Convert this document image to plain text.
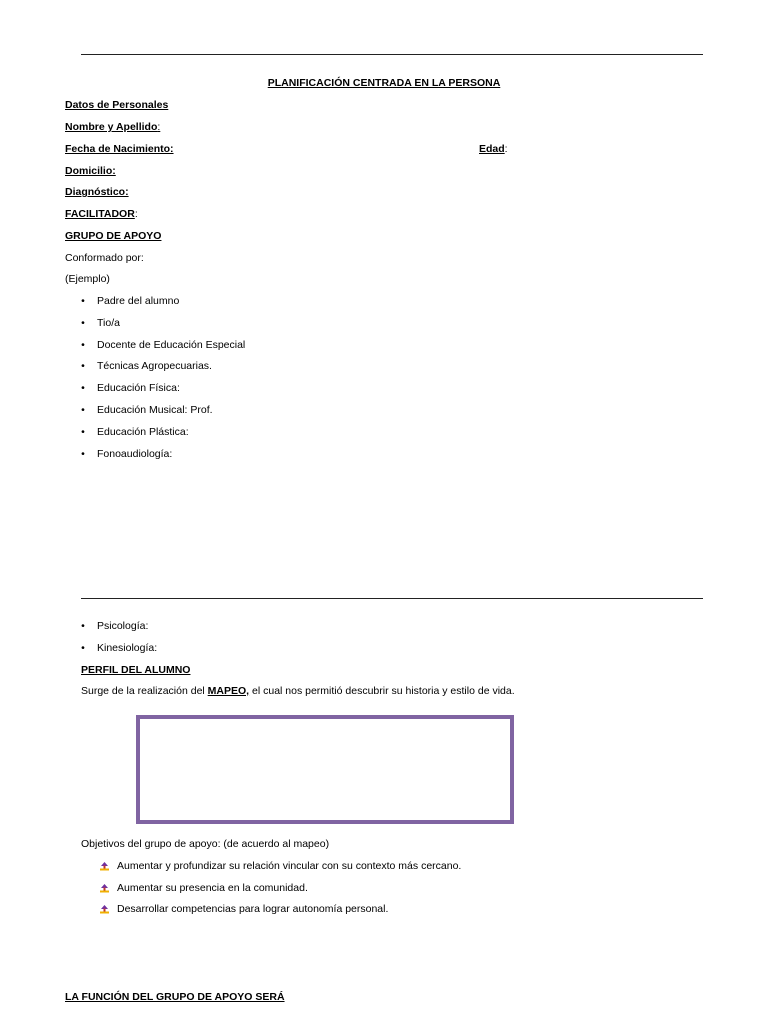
PLANIFICACIÓN CENTRADA EN LA PERSONA
Datos de Personales
Nombre y Apellido:
Fecha de Nacimiento:	Edad:
Domicilio:
Diagnóstico:
FACILITADOR:
GRUPO DE APOYO
Conformado por:
(Ejemplo)
• Padre del alumno
• Tio/a
• Docente de Educación Especial
• Técnicas Agropecuarias.
• Educación Física:
• Educación Musical: Prof.
• Educación Plástica:
• Fonoaudiología:
• Psicología:
• Kinesiología:
PERFIL DEL ALUMNO
Surge de la realización del MAPEO, el cual nos permitió descubrir su historia y estilo de vida.
Objetivos del grupo de apoyo: (de acuerdo al mapeo)
Aumentar y profundizar su relación vincular con su contexto más cercano.
Aumentar su presencia en la comunidad.
Desarrollar competencias para lograr autonomía personal.
LA FUNCIÓN DEL GRUPO DE APOYO SERÁ
